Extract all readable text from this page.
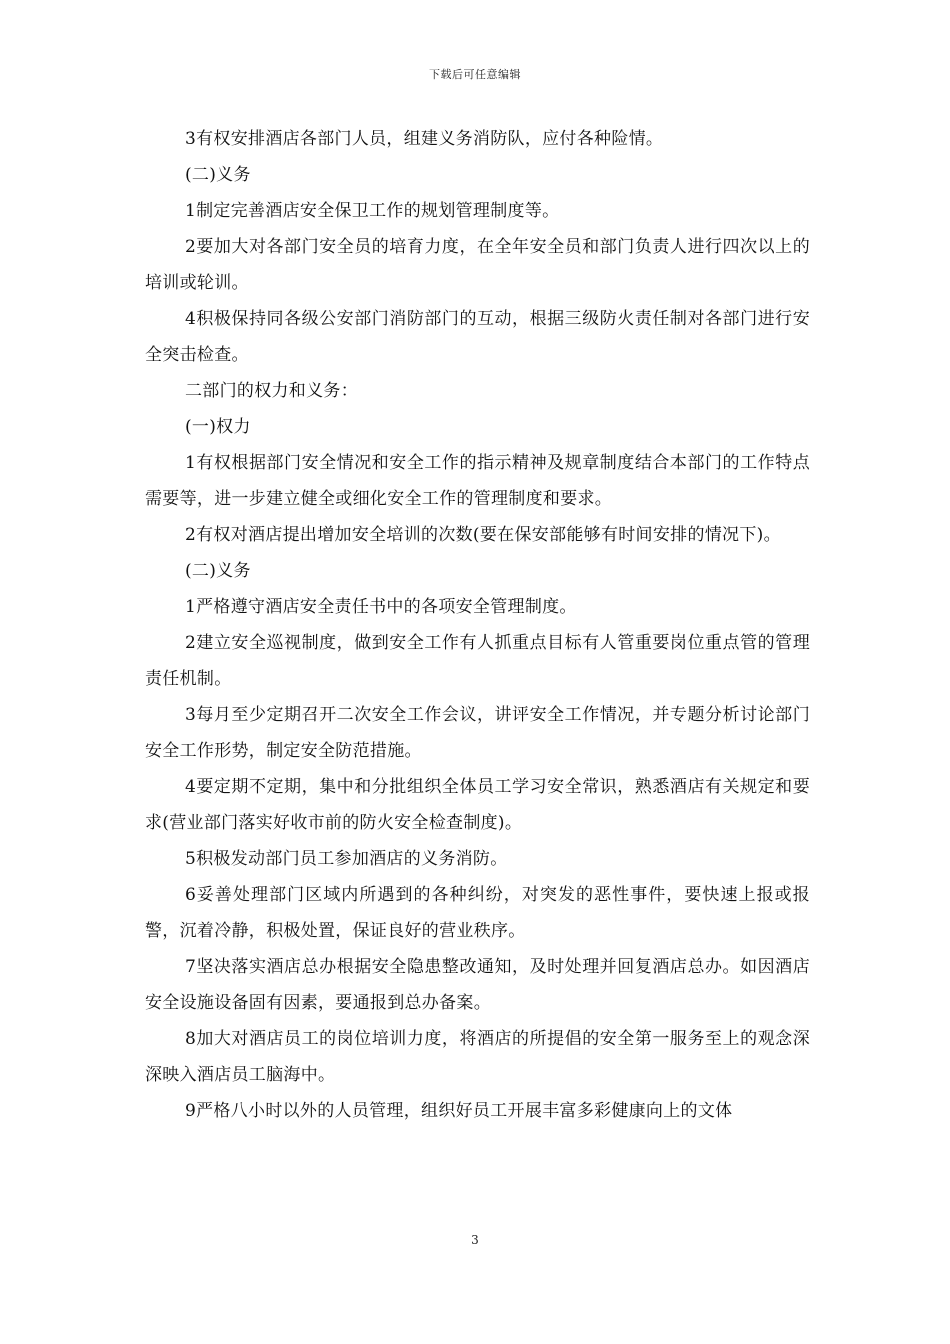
下载后可任意编辑

3有权安排酒店各部门人员，组建义务消防队，应付各种险情。

(二)义务

1制定完善酒店安全保卫工作的规划管理制度等。

2要加大对各部门安全员的培育力度，在全年安全员和部门负责人进行四次以上的培训或轮训。

4积极保持同各级公安部门消防部门的互动，根据三级防火责任制对各部门进行安全突击检查。

二部门的权力和义务：

(一)权力

1有权根据部门安全情况和安全工作的指示精神及规章制度结合本部门的工作特点需要等，进一步建立健全或细化安全工作的管理制度和要求。

2有权对酒店提出增加安全培训的次数(要在保安部能够有时间安排的情况下)。

(二)义务

1严格遵守酒店安全责任书中的各项安全管理制度。

2建立安全巡视制度，做到安全工作有人抓重点目标有人管重要岗位重点管的管理责任机制。

3每月至少定期召开二次安全工作会议，讲评安全工作情况，并专题分析讨论部门安全工作形势，制定安全防范措施。

4要定期不定期，集中和分批组织全体员工学习安全常识，熟悉酒店有关规定和要求(营业部门落实好收市前的防火安全检查制度)。

5积极发动部门员工参加酒店的义务消防。

6妥善处理部门区域内所遇到的各种纠纷，对突发的恶性事件，要快速上报或报警，沉着冷静，积极处置，保证良好的营业秩序。

7坚决落实酒店总办根据安全隐患整改通知，及时处理并回复酒店总办。如因酒店安全设施设备固有因素，要通报到总办备案。

8加大对酒店员工的岗位培训力度，将酒店的所提倡的安全第一服务至上的观念深深映入酒店员工脑海中。

9严格八小时以外的人员管理，组织好员工开展丰富多彩健康向上的文体

3
